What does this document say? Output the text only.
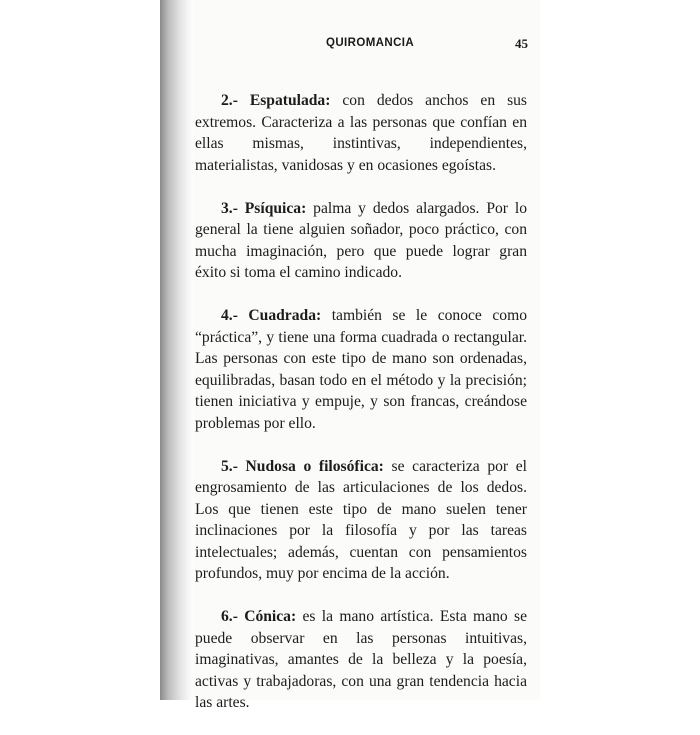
QUIROMANCIA	45

2.- Espatulada: con dedos anchos en sus extremos. Caracteriza a las personas que confían en ellas mismas, instintivas, independientes, materialistas, vanidosas y en ocasiones egoístas.

3.- Psíquica: palma y dedos alargados. Por lo general la tiene alguien soñador, poco práctico, con mucha imaginación, pero que puede lograr gran éxito si toma el camino indicado.

4.- Cuadrada: también se le conoce como “práctica”, y tiene una forma cuadrada o rectangular. Las personas con este tipo de mano son ordenadas, equilibradas, basan todo en el método y la precisión; tienen iniciativa y empuje, y son francas, creándose problemas por ello.

5.- Nudosa o filosófica: se caracteriza por el engrosamiento de las articulaciones de los dedos. Los que tienen este tipo de mano suelen tener inclinaciones por la filosofía y por las tareas intelectuales; además, cuentan con pensamientos profundos, muy por encima de la acción.

6.- Cónica: es la mano artística. Esta mano se puede observar en las personas intuitivas, imaginativas, amantes de la belleza y la poesía, activas y trabajadoras, con una gran tendencia hacia las artes.
